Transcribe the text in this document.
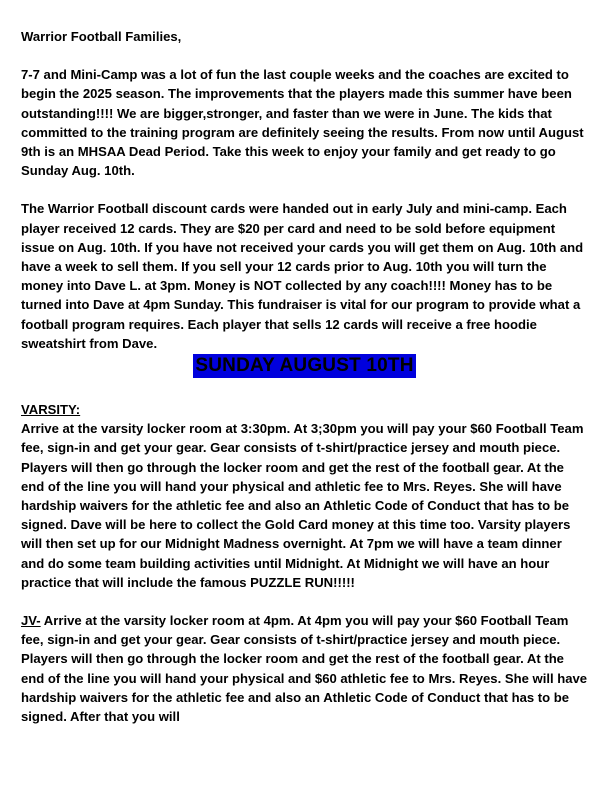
Warrior Football Families,

7-7 and Mini-Camp was a lot of fun the last couple weeks and the coaches are excited to begin the 2025 season. The improvements that the players made this summer have been outstanding!!!! We are bigger,stronger, and faster than we were in June. The kids that committed to the training program are definitely seeing the results. From now until August 9th is an MHSAA Dead Period. Take this week to enjoy your family and get ready to go Sunday Aug. 10th.

The Warrior Football discount cards were handed out in early July and mini-camp. Each player received 12 cards. They are $20 per card and need to be sold before equipment issue on Aug. 10th. If you have not received your cards you will get them on Aug. 10th and have a week to sell them. If you sell your 12 cards prior to Aug. 10th you will turn the money into Dave L. at 3pm. Money is NOT collected by any coach!!!! Money has to be turned into Dave at 4pm Sunday. This fundraiser is vital for our program to provide what a football program requires. Each player that sells 12 cards will receive a free hoodie sweatshirt from Dave.

SUNDAY AUGUST 10TH

VARSITY:

Arrive at the varsity locker room at 3:30pm. At 3;30pm you will pay your $60 Football Team fee, sign-in and get your gear. Gear consists of t-shirt/practice jersey and mouth piece. Players will then go through the locker room and get the rest of the football gear. At the end of the line you will hand your physical and athletic fee to Mrs. Reyes. She will have hardship waivers for the athletic fee and also an Athletic Code of Conduct that has to be signed. Dave will be here to collect the Gold Card money at this time too. Varsity players will then set up for our Midnight Madness overnight. At 7pm we will have a team dinner and do some team building activities until Midnight. At Midnight we will have an hour practice that will include the famous PUZZLE RUN!!!!!

JV- Arrive at the varsity locker room at 4pm. At 4pm you will pay your $60 Football Team fee, sign-in and get your gear. Gear consists of t-shirt/practice jersey and mouth piece. Players will then go through the locker room and get the rest of the football gear. At the end of the line you will hand your physical and $60 athletic fee to Mrs. Reyes. She will have hardship waivers for the athletic fee and also an Athletic Code of Conduct that has to be signed. After that you will
